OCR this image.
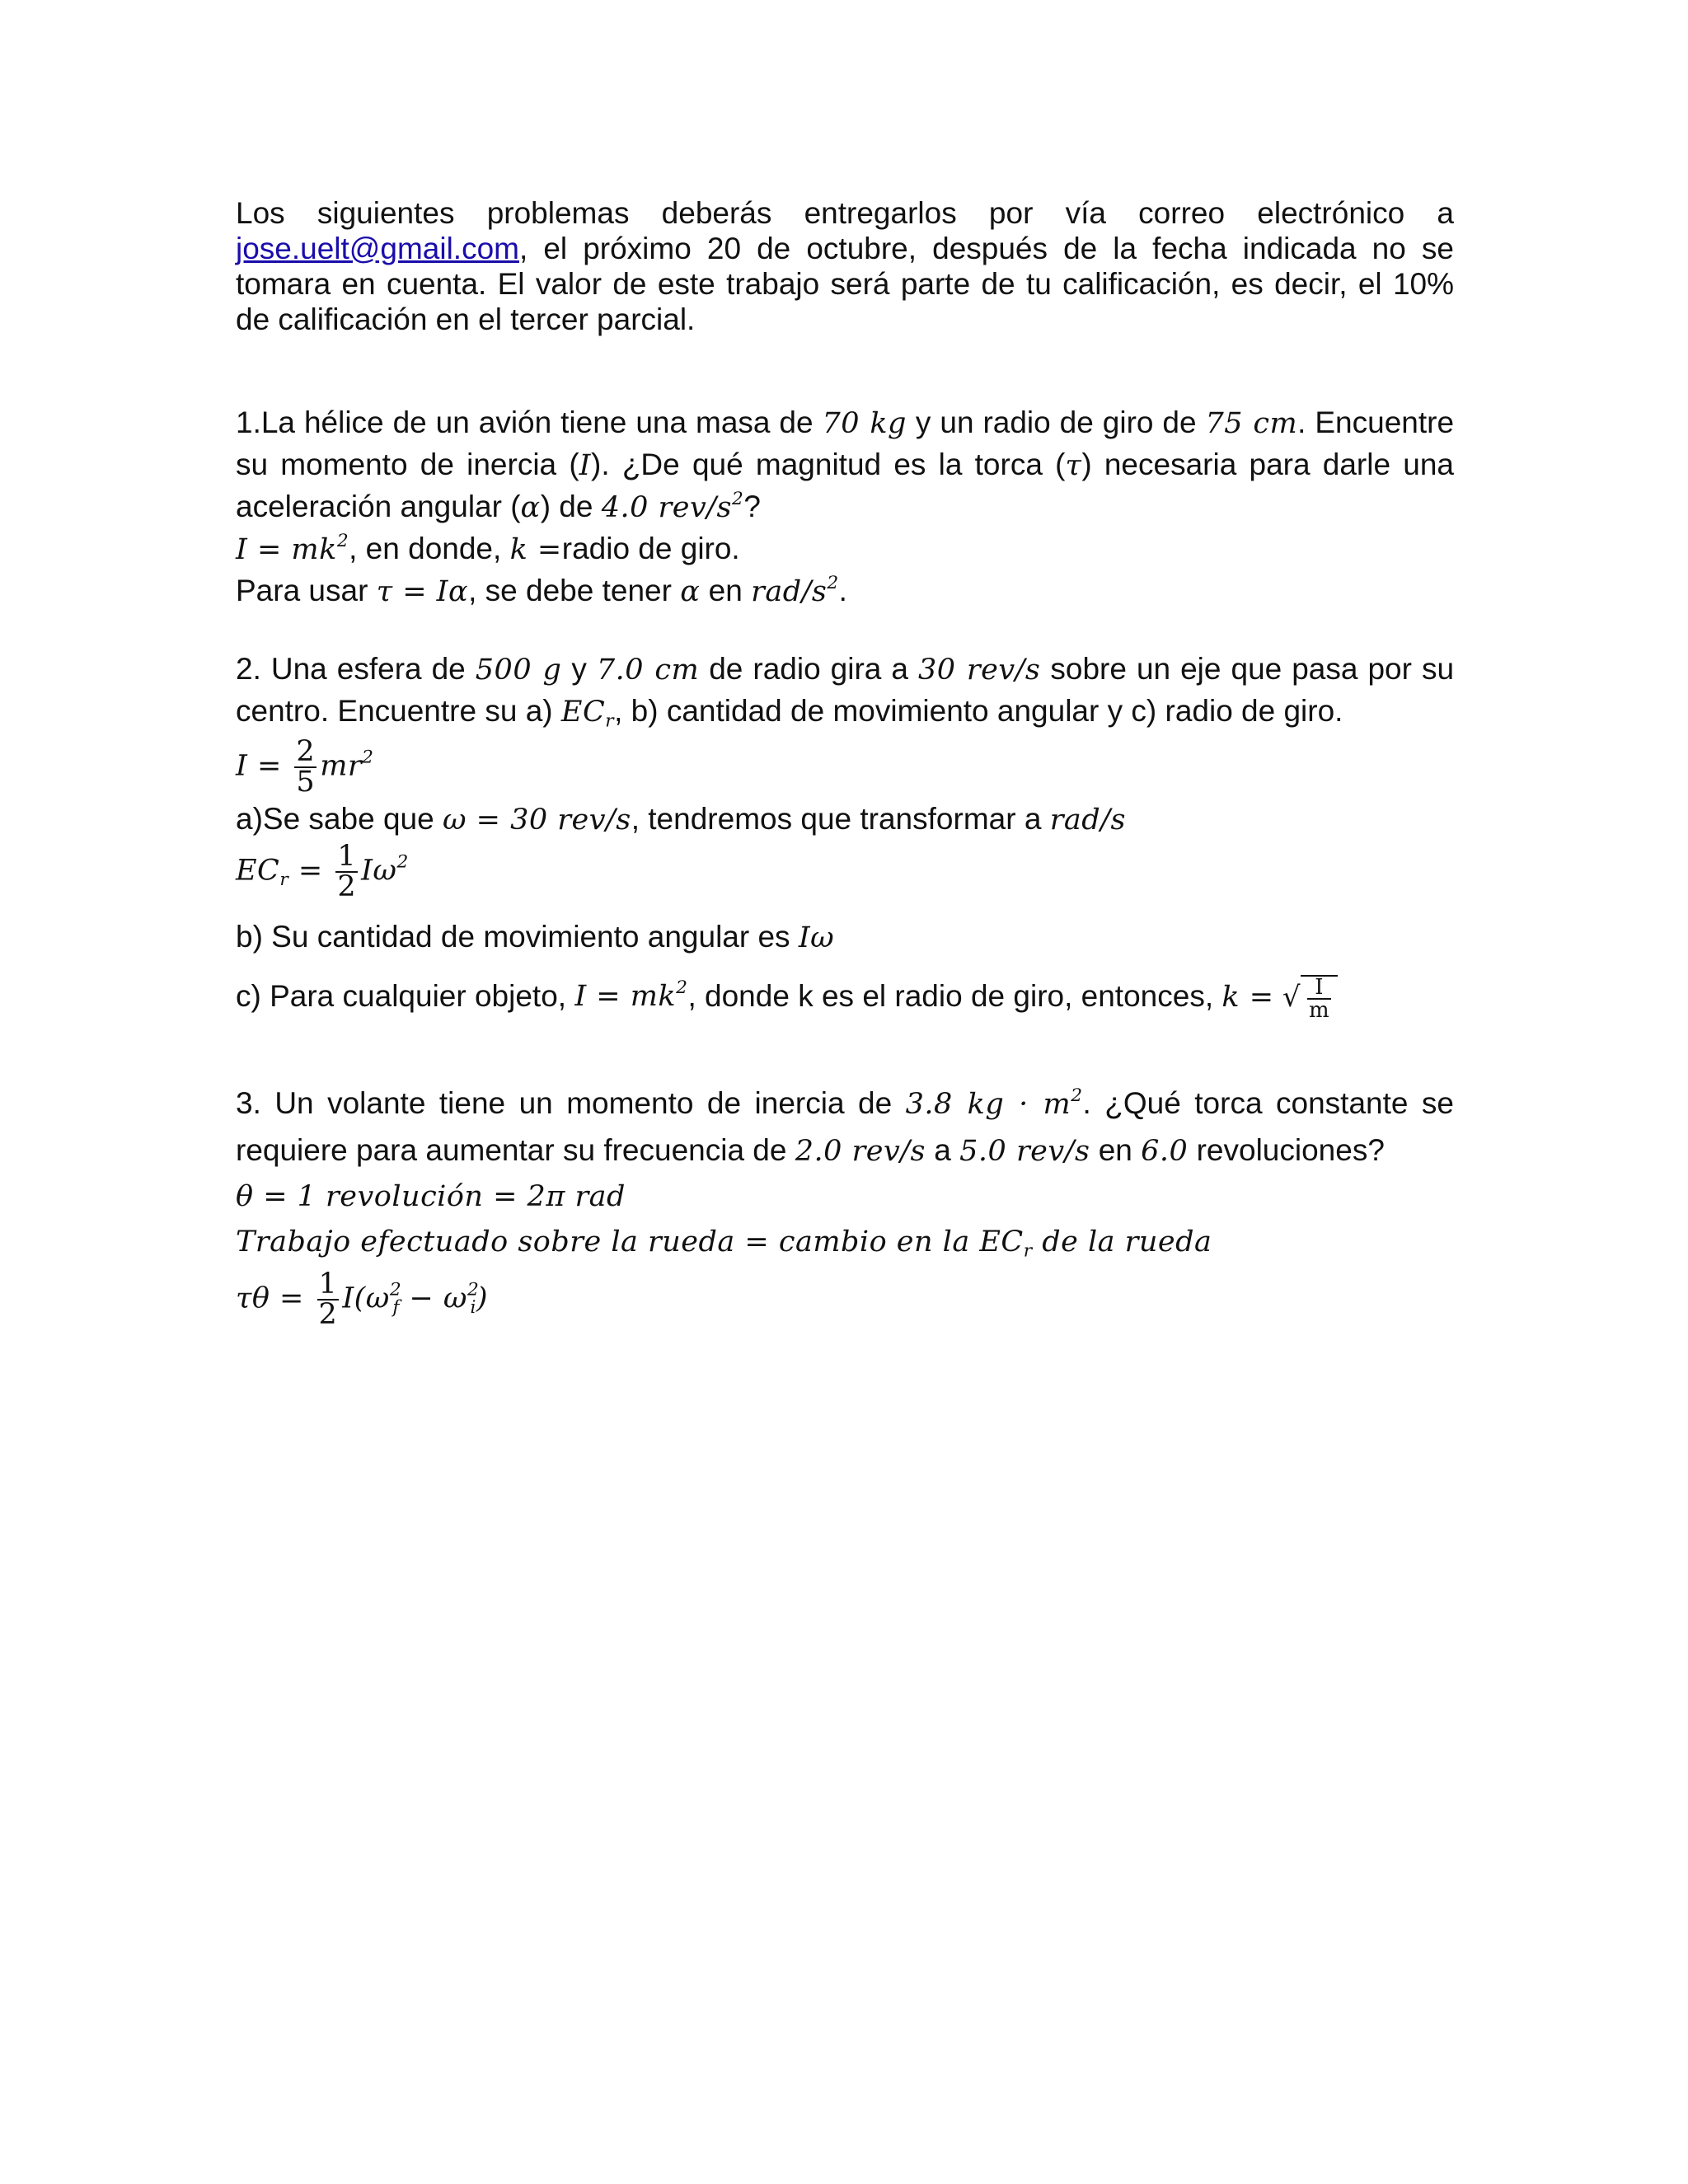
Los siguientes problemas deberás entregarlos por vía correo electrónico a jose.uelt@gmail.com, el próximo 20 de octubre, después de la fecha indicada no se tomara en cuenta. El valor de este trabajo será parte de tu calificación, es decir, el 10% de calificación en el tercer parcial.

1.La hélice de un avión tiene una masa de 70 kg y un radio de giro de 75 cm. Encuentre su momento de inercia (I). ¿De qué magnitud es la torca (τ) necesaria para darle una aceleración angular (α) de 4.0 rev/$s^2$?

$I = mk^2$, en donde, k =radio de giro.

Para usar τ = Iα, se debe tener α en rad/$s^2$.

2. Una esfera de 500 g y 7.0 cm de radio gira a 30 rev/s sobre un eje que pasa por su centro. Encuentre su a) $EC_r$, b) cantidad de movimiento angular y c) radio de giro.

$I = \frac{2}{5} mr^2$

a)Se sabe que ω = 30 rev/s, tendremos que transformar a rad/s

$EC_r = \frac{1}{2} I\omega^2$

b) Su cantidad de movimiento angular es Iω

c) Para cualquier objeto, $I = mk^2$, donde k es el radio de giro, entonces, k = √ $\frac{I}{m}$

3. Un volante tiene un momento de inercia de 3.8 kg · $m^2$. ¿Qué torca constante se requiere para aumentar su frecuencia de 2.0 rev/s a 5.0 rev/s en 6.0 revoluciones?

θ = 1 revolución = 2π rad

Trabajo efectuado sobre la rueda = cambio en la $EC_r$ de la rueda

$\tau\theta = \frac{1}{2} I(\omega^2_f - \omega^2_i)$
